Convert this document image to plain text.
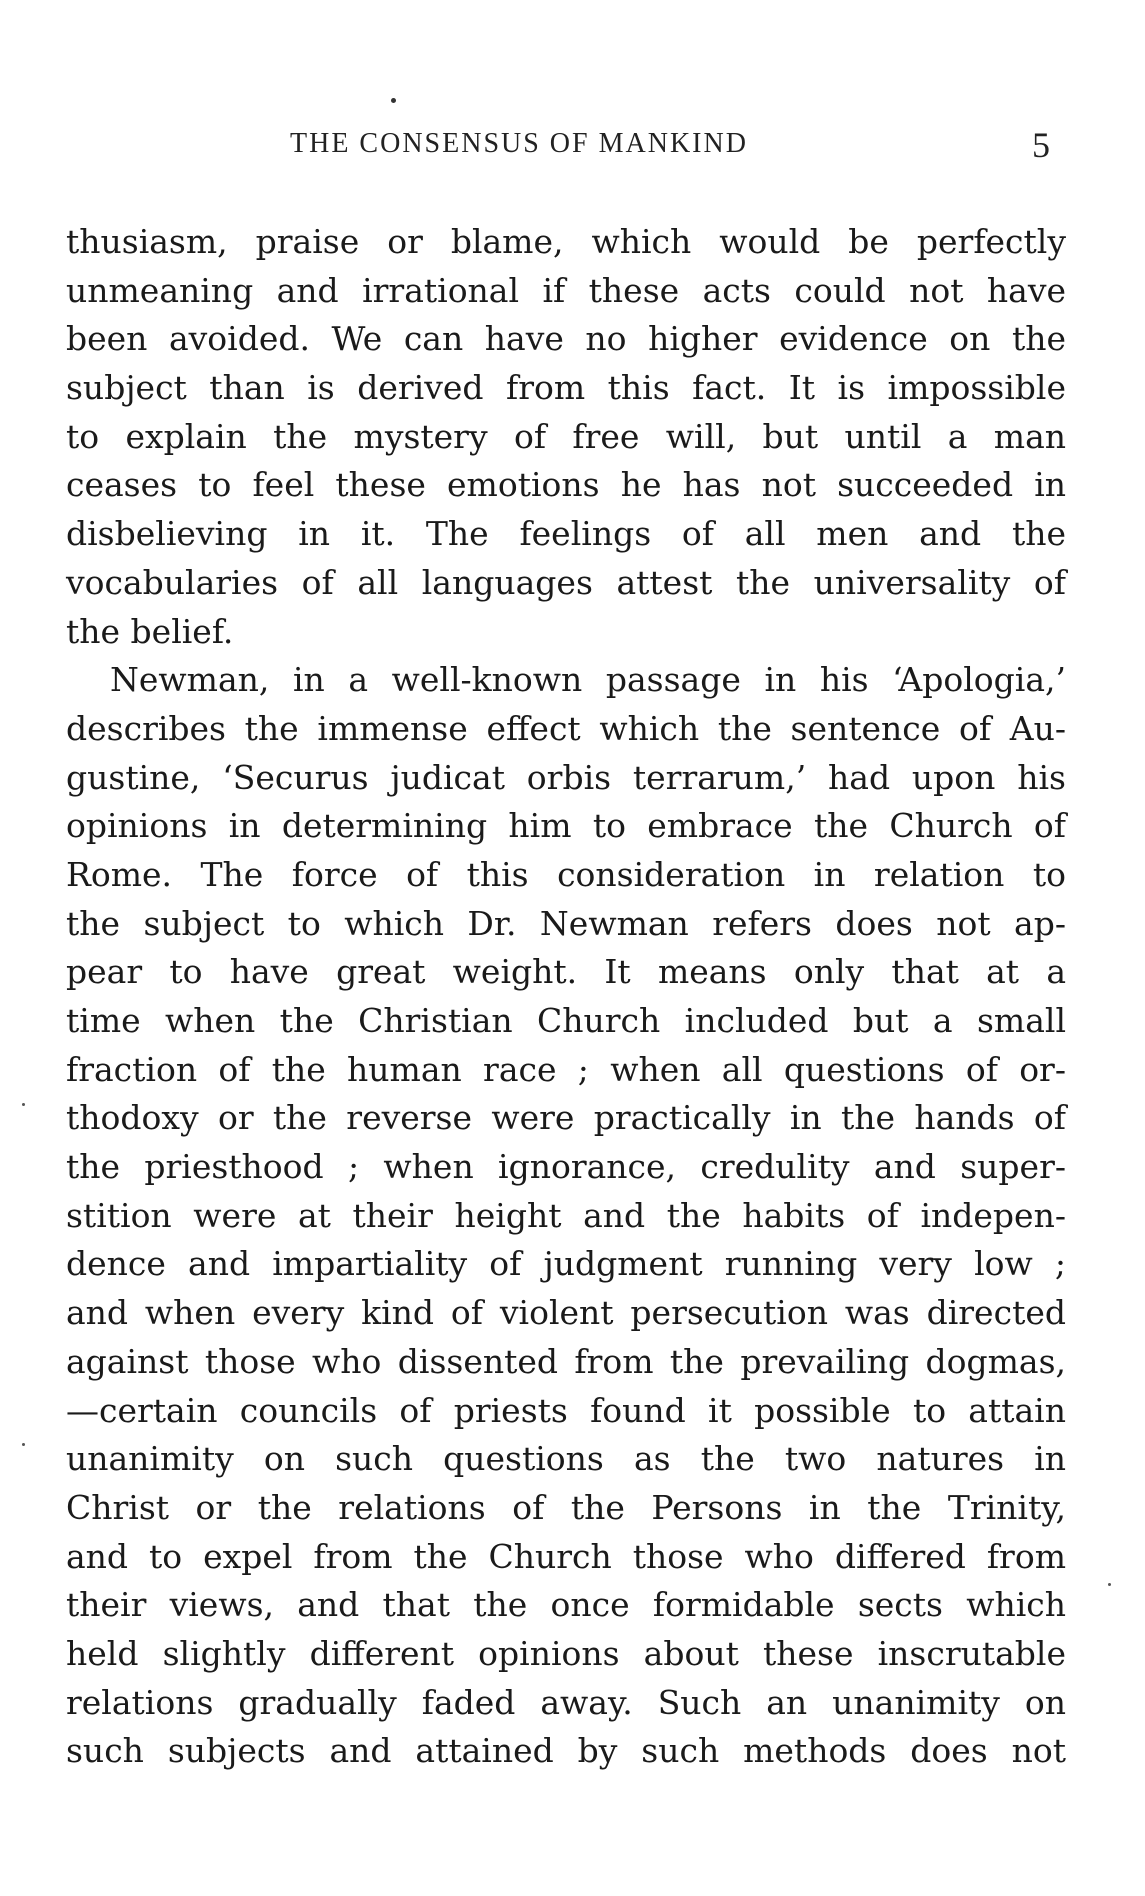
THE CONSENSUS OF MANKIND	5
thusiasm, praise or blame, which would be perfectly
unmeaning and irrational if these acts could not have
been avoided. We can have no higher evidence on the
subject than is derived from this fact. It is impossible
to explain the mystery of free will, but until a man
ceases to feel these emotions he has not succeeded in
disbelieving in it. The feelings of all men and the
vocabularies of all languages attest the universality of
the belief.
Newman, in a well-known passage in his ‘Apologia,’
describes the immense effect which the sentence of Au-
gustine, ‘Securus judicat orbis terrarum,’ had upon his
opinions in determining him to embrace the Church of
Rome. The force of this consideration in relation to
the subject to which Dr. Newman refers does not ap-
pear to have great weight. It means only that at a
time when the Christian Church included but a small
fraction of the human race ; when all questions of or-
thodoxy or the reverse were practically in the hands of
the priesthood ; when ignorance, credulity and super-
stition were at their height and the habits of indepen-
dence and impartiality of judgment running very low ;
and when every kind of violent persecution was directed
against those who dissented from the prevailing dogmas,
—certain councils of priests found it possible to attain
unanimity on such questions as the two natures in
Christ or the relations of the Persons in the Trinity,
and to expel from the Church those who differed from
their views, and that the once formidable sects which
held slightly different opinions about these inscrutable
relations gradually faded away. Such an unanimity on
such subjects and attained by such methods does not
